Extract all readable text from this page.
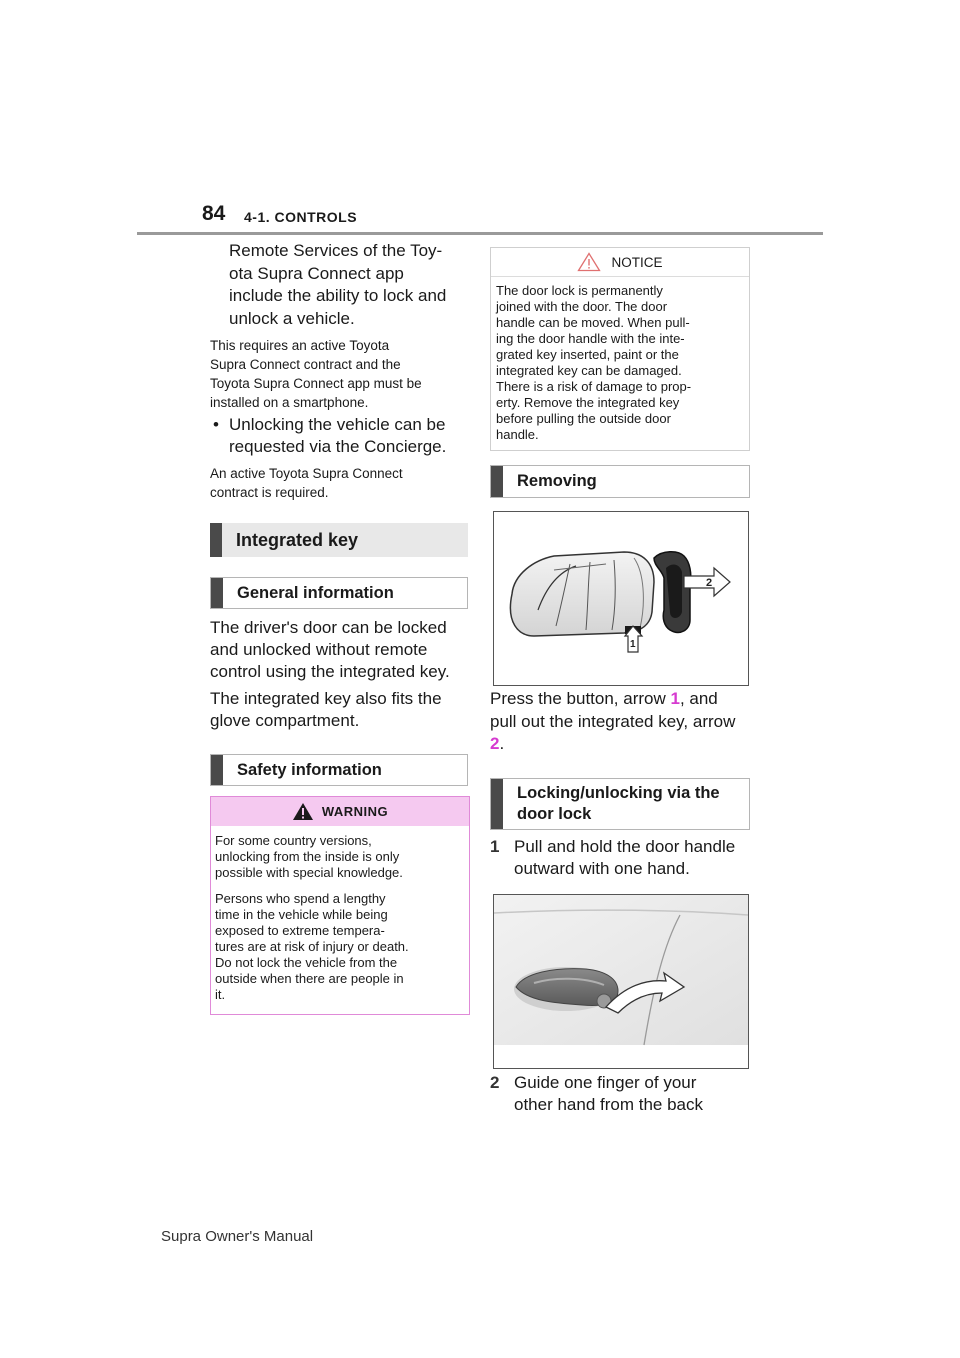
84 4-1. CONTROLS
Remote Services of the Toy-
ota Supra Connect app
include the ability to lock and
unlock a vehicle.
This requires an active Toyota
Supra Connect contract and the
Toyota Supra Connect app must be
installed on a smartphone.
• Unlocking the vehicle can be
requested via the Concierge.
An active Toyota Supra Connect
contract is required.
Integrated key
General information
The driver's door can be locked
and unlocked without remote
control using the integrated key.
The integrated key also fits the
glove compartment.
Safety information
WARNING

For some country versions,
unlocking from the inside is only
possible with special knowledge.

Persons who spend a lengthy
time in the vehicle while being
exposed to extreme tempera-
tures are at risk of injury or death.
Do not lock the vehicle from the
outside when there are people in
it.

NOTICE
The door lock is permanently
joined with the door. The door
handle can be moved. When pull-
ing the door handle with the inte-
grated key inserted, paint or the
integrated key can be damaged.
There is a risk of damage to prop-
erty. Remove the integrated key
before pulling the outside door
handle.
Removing
2
1
Press the button, arrow 1, and
pull out the integrated key, arrow
2.
Locking/unlocking via the
door lock
1 Pull and hold the door handle
outward with one hand.
2 Guide one finger of your
other hand from the back
Supra Owner's Manual
